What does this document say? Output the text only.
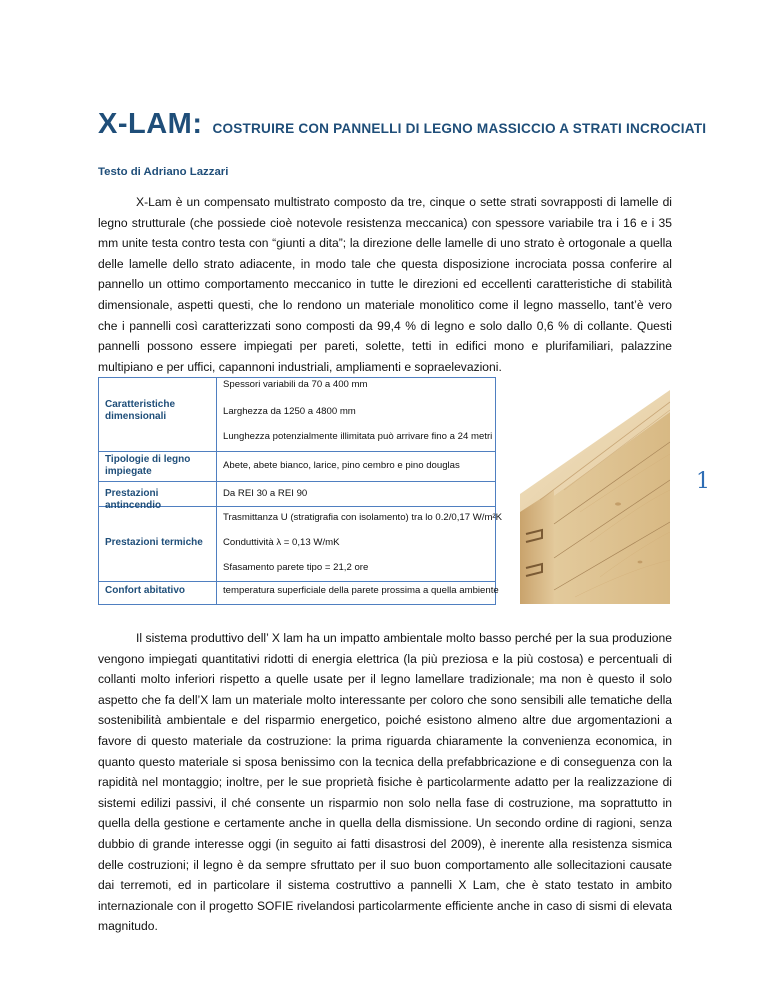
X-LAM: COSTRUIRE CON PANNELLI DI LEGNO MASSICCIO A STRATI INCROCIATI
Testo di Adriano Lazzari

X-Lam è un compensato multistrato composto da tre, cinque o sette strati sovrapposti di lamelle di legno strutturale (che possiede cioè notevole resistenza meccanica) con spessore variabile tra i 16 e i 35 mm unite testa contro testa con “giunti a dita”; la direzione delle lamelle di uno strato è ortogonale a quella delle lamelle dello strato adiacente, in modo tale che questa disposizione incrociata possa conferire al pannello un ottimo comportamento meccanico in tutte le direzioni ed eccellenti caratteristiche di stabilità dimensionale, aspetti questi, che lo rendono un materiale monolitico come il legno massello, tant’è vero che i pannelli così caratterizzati sono composti da 99,4 % di legno e solo dallo 0,6 % di collante. Questi pannelli possono essere impiegati per pareti, solette, tetti in edifici mono e plurifamiliari, palazzine multipiano e per uffici, capannoni industriali, ampliamenti e sopraelevazioni.

Caratteristiche dimensionali
Spessori variabili da 70 a 400 mm
Larghezza da 1250 a 4800 mm
Lunghezza potenzialmente illimitata può arrivare fino a 24 metri
Tipologie di legno impiegate
Abete, abete bianco, larice, pino cembro e pino douglas
Prestazioni antincendio
Da REI 30 a REI 90
Prestazioni termiche
Trasmittanza U (stratigrafia con isolamento) tra lo 0.2/0,17 W/m²K
Conduttività λ = 0,13 W/mK
Sfasamento parete tipo = 21,2 ore
Confort abitativo	temperatura superficiale della parete prossima a quella ambiente
1

Il sistema produttivo dell’ X lam ha un impatto ambientale molto basso perché per la sua produzione vengono impiegati quantitativi ridotti di energia elettrica (la più preziosa e la più costosa) e percentuali di collanti molto inferiori rispetto a quelle usate per il legno lamellare tradizionale; ma non è questo il solo aspetto che fa dell’X lam un materiale molto interessante per coloro che sono sensibili alle tematiche della sostenibilità ambientale e del risparmio energetico, poiché esistono almeno altre due argomentazioni a favore di questo materiale da costruzione: la prima riguarda chiaramente la convenienza economica, in quanto questo materiale si sposa benissimo con la tecnica della prefabbricazione e di conseguenza con la rapidità nel montaggio; inoltre, per le sue proprietà fisiche è particolarmente adatto per la realizzazione di sistemi edilizi passivi, il ché consente un risparmio non solo nella fase di costruzione, ma soprattutto in quella della gestione e certamente anche in quella della dismissione. Un secondo ordine di ragioni, senza dubbio di grande interesse oggi (in seguito ai fatti disastrosi del 2009), è inerente alla resistenza sismica delle costruzioni; il legno è da sempre sfruttato per il suo buon comportamento alle sollecitazioni causate dai terremoti, ed in particolare il sistema costruttivo a pannelli X Lam, che è stato testato in ambito internazionale con il progetto SOFIE rivelandosi particolarmente efficiente anche in caso di sismi di elevata magnitudo.
